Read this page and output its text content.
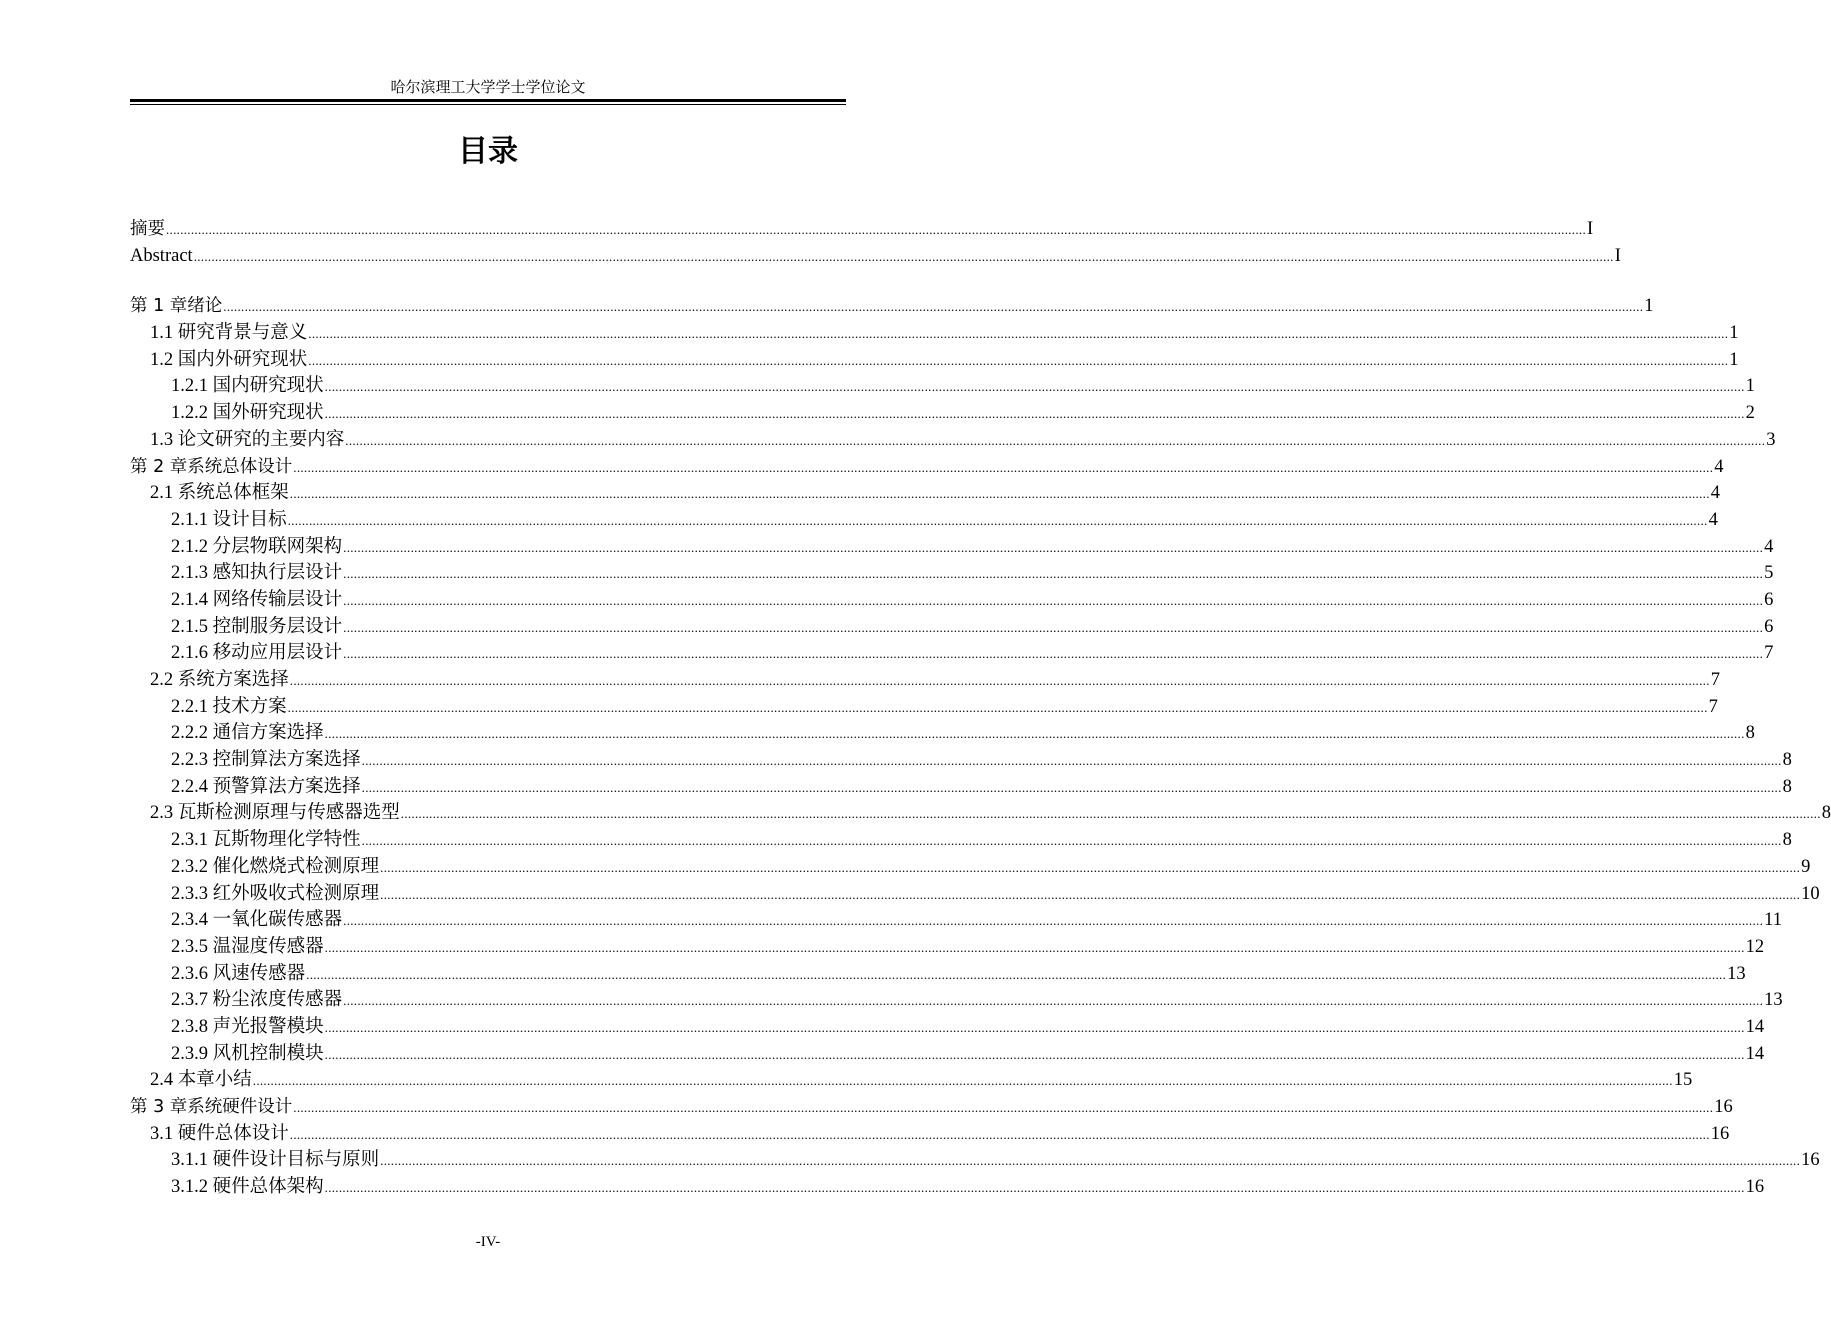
哈尔滨理工大学学士学位论文
目录
摘要 ................................................................................................................................................................................................................................................................................................................................................................................................................ I
Abstract ................................................................................................................................................................................................................................................................................................................................................................................................................ I
第 1 章绪论 ................................................................................................................................................................................................................................................................................................................................................................................................................ 1
1.1 研究背景与意义 ................................................................................................................................................................................................................................................................................................................................................................................................................ 1
1.2 国内外研究现状 ................................................................................................................................................................................................................................................................................................................................................................................................................ 1
1.2.1 国内研究现状 ................................................................................................................................................................................................................................................................................................................................................................................................................ 1
1.2.2 国外研究现状 ................................................................................................................................................................................................................................................................................................................................................................................................................ 2
1.3 论文研究的主要内容 ................................................................................................................................................................................................................................................................................................................................................................................................................ 3
第 2 章系统总体设计 ................................................................................................................................................................................................................................................................................................................................................................................................................ 4
2.1 系统总体框架 ................................................................................................................................................................................................................................................................................................................................................................................................................ 4
2.1.1 设计目标 ................................................................................................................................................................................................................................................................................................................................................................................................................ 4
2.1.2 分层物联网架构 ................................................................................................................................................................................................................................................................................................................................................................................................................ 4
2.1.3 感知执行层设计 ................................................................................................................................................................................................................................................................................................................................................................................................................ 5
2.1.4 网络传输层设计 ................................................................................................................................................................................................................................................................................................................................................................................................................ 6
2.1.5 控制服务层设计 ................................................................................................................................................................................................................................................................................................................................................................................................................ 6
2.1.6 移动应用层设计 ................................................................................................................................................................................................................................................................................................................................................................................................................ 7
2.2 系统方案选择 ................................................................................................................................................................................................................................................................................................................................................................................................................ 7
2.2.1 技术方案 ................................................................................................................................................................................................................................................................................................................................................................................................................ 7
2.2.2 通信方案选择 ................................................................................................................................................................................................................................................................................................................................................................................................................ 8
2.2.3 控制算法方案选择 ................................................................................................................................................................................................................................................................................................................................................................................................................ 8
2.2.4 预警算法方案选择 ................................................................................................................................................................................................................................................................................................................................................................................................................ 8
2.3 瓦斯检测原理与传感器选型 ................................................................................................................................................................................................................................................................................................................................................................................................................ 8
2.3.1 瓦斯物理化学特性 ................................................................................................................................................................................................................................................................................................................................................................................................................ 8
2.3.2 催化燃烧式检测原理 ................................................................................................................................................................................................................................................................................................................................................................................................................ 9
2.3.3 红外吸收式检测原理 ................................................................................................................................................................................................................................................................................................................................................................................................................ 10
2.3.4 一氧化碳传感器 ................................................................................................................................................................................................................................................................................................................................................................................................................ 11
2.3.5 温湿度传感器 ................................................................................................................................................................................................................................................................................................................................................................................................................ 12
2.3.6 风速传感器 ................................................................................................................................................................................................................................................................................................................................................................................................................ 13
2.3.7 粉尘浓度传感器 ................................................................................................................................................................................................................................................................................................................................................................................................................ 13
2.3.8 声光报警模块 ................................................................................................................................................................................................................................................................................................................................................................................................................ 14
2.3.9 风机控制模块 ................................................................................................................................................................................................................................................................................................................................................................................................................ 14
2.4 本章小结 ................................................................................................................................................................................................................................................................................................................................................................................................................ 15
第 3 章系统硬件设计 ................................................................................................................................................................................................................................................................................................................................................................................................................ 16
3.1 硬件总体设计 ................................................................................................................................................................................................................................................................................................................................................................................................................ 16
3.1.1 硬件设计目标与原则 ................................................................................................................................................................................................................................................................................................................................................................................................................ 16
3.1.2 硬件总体架构 ................................................................................................................................................................................................................................................................................................................................................................................................................ 16
-IV-
